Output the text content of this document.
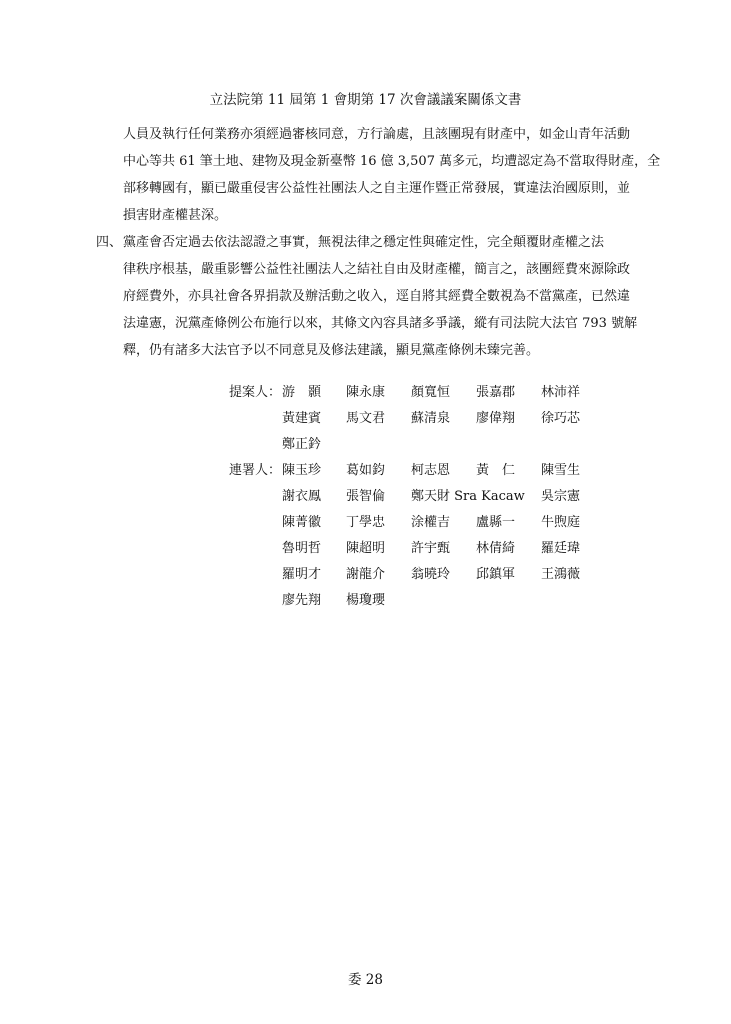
立法院第 11 屆第 1 會期第 17 次會議議案關係文書
人員及執行任何業務亦須經過審核同意，方行論處，且該團現有財產中，如金山青年活動
中心等共 61 筆土地、建物及現金新臺幣 16 億 3,507 萬多元，均遭認定為不當取得財產，全
部移轉國有，顯已嚴重侵害公益性社團法人之自主運作暨正常發展，實違法治國原則，並
損害財產權甚深。
四、 黨產會否定過去依法認證之事實，無視法律之穩定性與確定性，完全顛覆財產權之法
律秩序根基，嚴重影響公益性社團法人之結社自由及財產權，簡言之，該團經費來源除政
府經費外，亦具社會各界捐款及辦活動之收入，逕自將其經費全數視為不當黨產，已然違
法違憲，況黨產條例公布施行以來，其條文內容具諸多爭議，縱有司法院大法官 793 號解
釋，仍有諸多大法官予以不同意見及修法建議，顯見黨產條例未臻完善。
提案人： 游　顥 陳永康 顏寬恒 張嘉郡 林沛祥
黃建賓 馬文君 蘇清泉 廖偉翔 徐巧芯
鄭正鈐
連署人： 陳玉珍 葛如鈞 柯志恩 黃　仁 陳雪生
謝衣鳯 張智倫 鄭天財 Sra Kacaw 吳宗憲
陳菁徽 丁學忠 涂權吉 盧縣一 牛煦庭
魯明哲 陳超明 許宇甄 林倩綺 羅廷瑋
羅明才 謝龍介 翁曉玲 邱鎮軍 王鴻薇
廖先翔 楊瓊瓔
委 28
